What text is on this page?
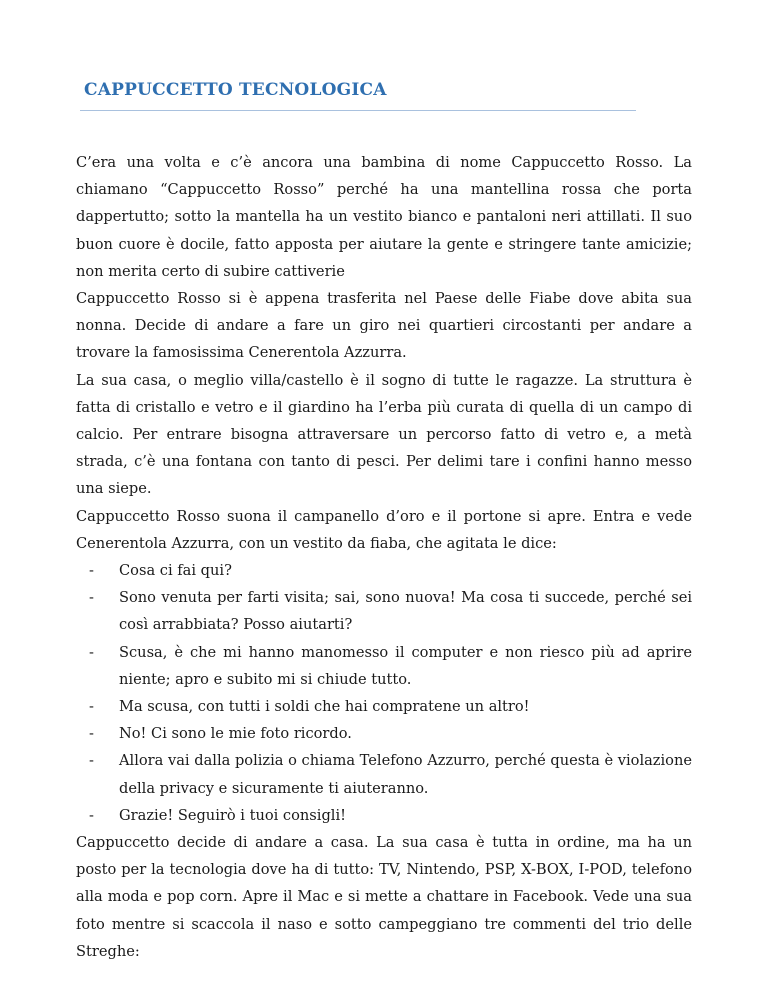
CAPPUCCETTO TECNOLOGICA

C’era una volta e c’è ancora una bambina di nome Cappuccetto Rosso. La chiamano “Cappuccetto Rosso” perché ha una mantellina rossa che porta dappertutto; sotto la mantella ha un vestito bianco e pantaloni neri attillati. Il suo buon cuore è docile, fatto apposta per aiutare la gente e stringere tante amicizie; non merita certo di subire cattiverie

Cappuccetto Rosso si è appena trasferita nel Paese delle Fiabe dove abita sua nonna. Decide di andare a fare un giro nei quartieri circostanti per andare a trovare la famosissima Cenerentola Azzurra.

La sua casa, o meglio villa/castello è il sogno di tutte le ragazze. La struttura è fatta di cristallo e vetro e il giardino ha l’erba più curata di quella di un campo di calcio. Per entrare bisogna attraversare un percorso fatto di vetro e, a metà strada, c’è una fontana con tanto di pesci. Per delimi tare i confini hanno messo una siepe.

Cappuccetto Rosso suona il campanello d’oro e il portone si apre. Entra e vede Cenerentola Azzurra, con un vestito da fiaba, che agitata le dice:

- Cosa ci fai qui?
- Sono venuta per farti visita; sai, sono nuova! Ma cosa ti succede, perché sei così arrabbiata? Posso aiutarti?
- Scusa, è che mi hanno manomesso il computer e non riesco più ad aprire niente; apro e subito mi si chiude tutto.
- Ma scusa, con tutti i soldi che hai compratene un altro!
- No! Ci sono le mie foto ricordo.
- Allora vai dalla polizia o chiama Telefono Azzurro, perché questa è violazione della privacy e sicuramente ti aiuteranno.
- Grazie! Seguirò i tuoi consigli!

Cappuccetto decide di andare a casa. La sua casa è tutta in ordine, ma ha un posto per la tecnologia dove ha di tutto: TV, Nintendo, PSP, X-BOX, I-POD, telefono alla moda e pop corn. Apre il Mac e si mette a chattare in Facebook. Vede una sua foto mentre si scaccola il naso e sotto campeggiano tre commenti del trio delle Streghe:
